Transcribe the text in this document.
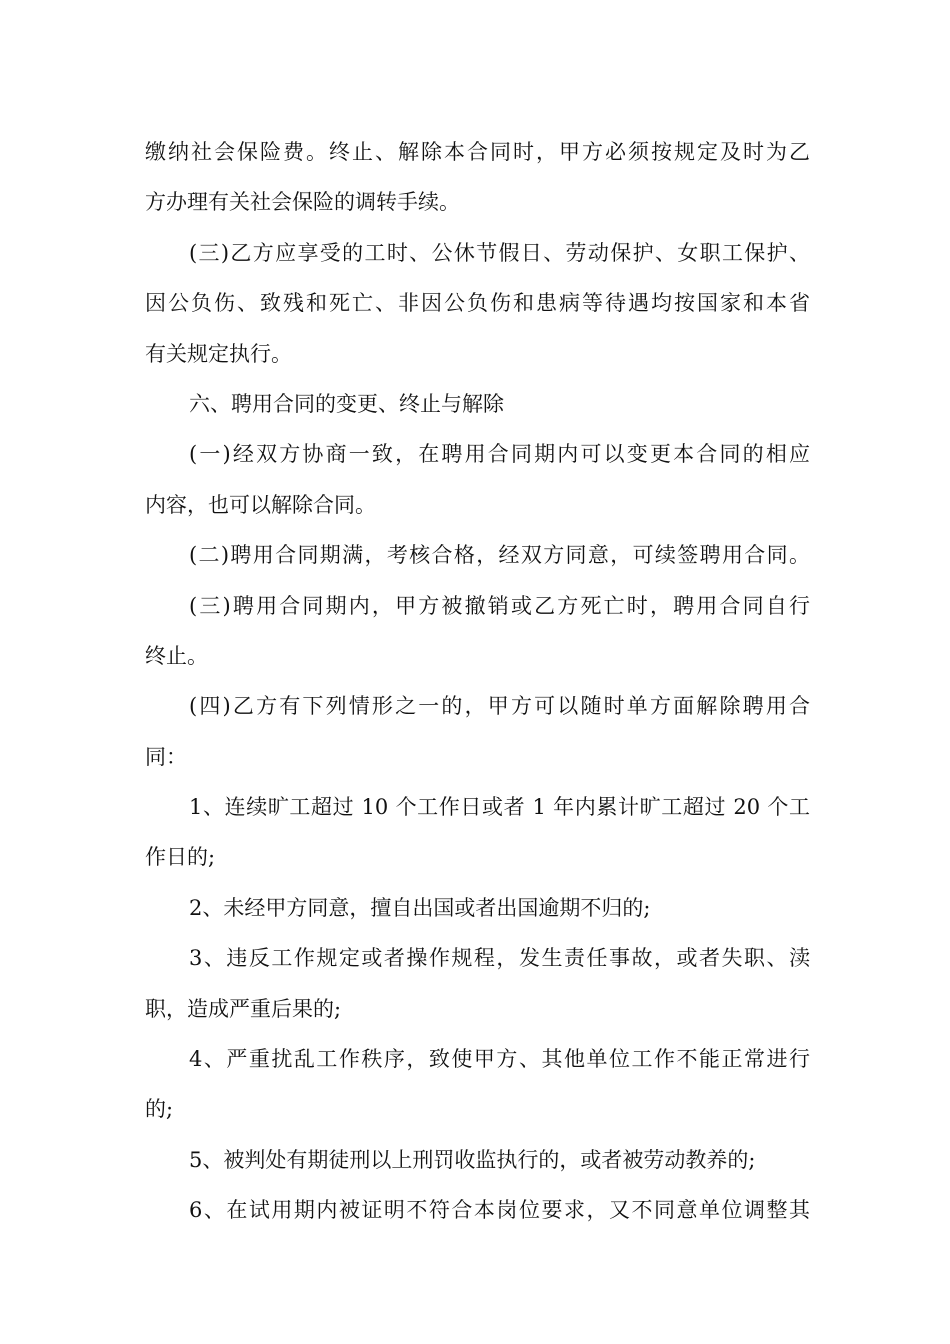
缴纳社会保险费。终止、解除本合同时，甲方必须按规定及时为乙
方办理有关社会保险的调转手续。
(三)乙方应享受的工时、公休节假日、劳动保护、女职工保护、
因公负伤、致残和死亡、非因公负伤和患病等待遇均按国家和本省
有关规定执行。
六、聘用合同的变更、终止与解除
(一)经双方协商一致，在聘用合同期内可以变更本合同的相应
内容，也可以解除合同。
(二)聘用合同期满，考核合格，经双方同意，可续签聘用合同。
(三)聘用合同期内，甲方被撤销或乙方死亡时，聘用合同自行
终止。
(四)乙方有下列情形之一的，甲方可以随时单方面解除聘用合
同：
1、连续旷工超过 10 个工作日或者 1 年内累计旷工超过 20 个工
作日的;
2、未经甲方同意，擅自出国或者出国逾期不归的;
3、违反工作规定或者操作规程，发生责任事故，或者失职、渎
职，造成严重后果的;
4、严重扰乱工作秩序，致使甲方、其他单位工作不能正常进行
的;
5、被判处有期徒刑以上刑罚收监执行的，或者被劳动教养的;
6、在试用期内被证明不符合本岗位要求，又不同意单位调整其
